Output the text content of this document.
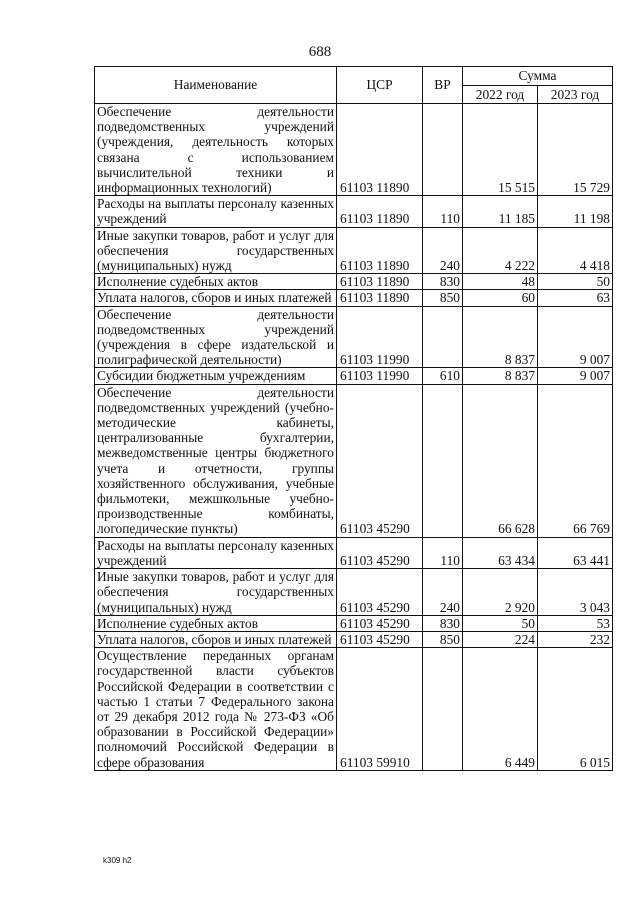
688
Наименование	ЦСР	ВР	Сумма	
			2022 год	2023 год
Обеспечение деятельности подведомственных учреждений (учреждения, деятельность которых связана с использованием вычислительной техники и информационных технологий)	61103 11890		15 515	15 729
Расходы на выплаты персоналу казенных учреждений	61103 11890	110	11 185	11 198
Иные закупки товаров, работ и услуг для обеспечения государственных (муниципальных) нужд	61103 11890	240	4 222	4 418
Исполнение судебных актов	61103 11890	830	48	50
Уплата налогов, сборов и иных платежей	61103 11890	850	60	63
Обеспечение деятельности подведомственных учреждений (учреждения в сфере издательской и полиграфической деятельности)	61103 11990		8 837	9 007
Субсидии бюджетным учреждениям	61103 11990	610	8 837	9 007
Обеспечение деятельности подведомственных учреждений (учебно-методические кабинеты, централизованные бухгалтерии, межведомственные центры бюджетного учета и отчетности, группы хозяйственного обслуживания, учебные фильмотеки, межшкольные учебно-производственные комбинаты, логопедические пункты)	61103 45290		66 628	66 769
Расходы на выплаты персоналу казенных учреждений	61103 45290	110	63 434	63 441
Иные закупки товаров, работ и услуг для обеспечения государственных (муниципальных) нужд	61103 45290	240	2 920	3 043
Исполнение судебных актов	61103 45290	830	50	53
Уплата налогов, сборов и иных платежей	61103 45290	850	224	232
Осуществление переданных органам государственной власти субъектов Российской Федерации в соответствии с частью 1 статьи 7 Федерального закона от 29 декабря 2012 года № 273-ФЗ «Об образовании в Российской Федерации» полномочий Российской Федерации в сфере образования	61103 59910		6 449	6 015
k309 h2
